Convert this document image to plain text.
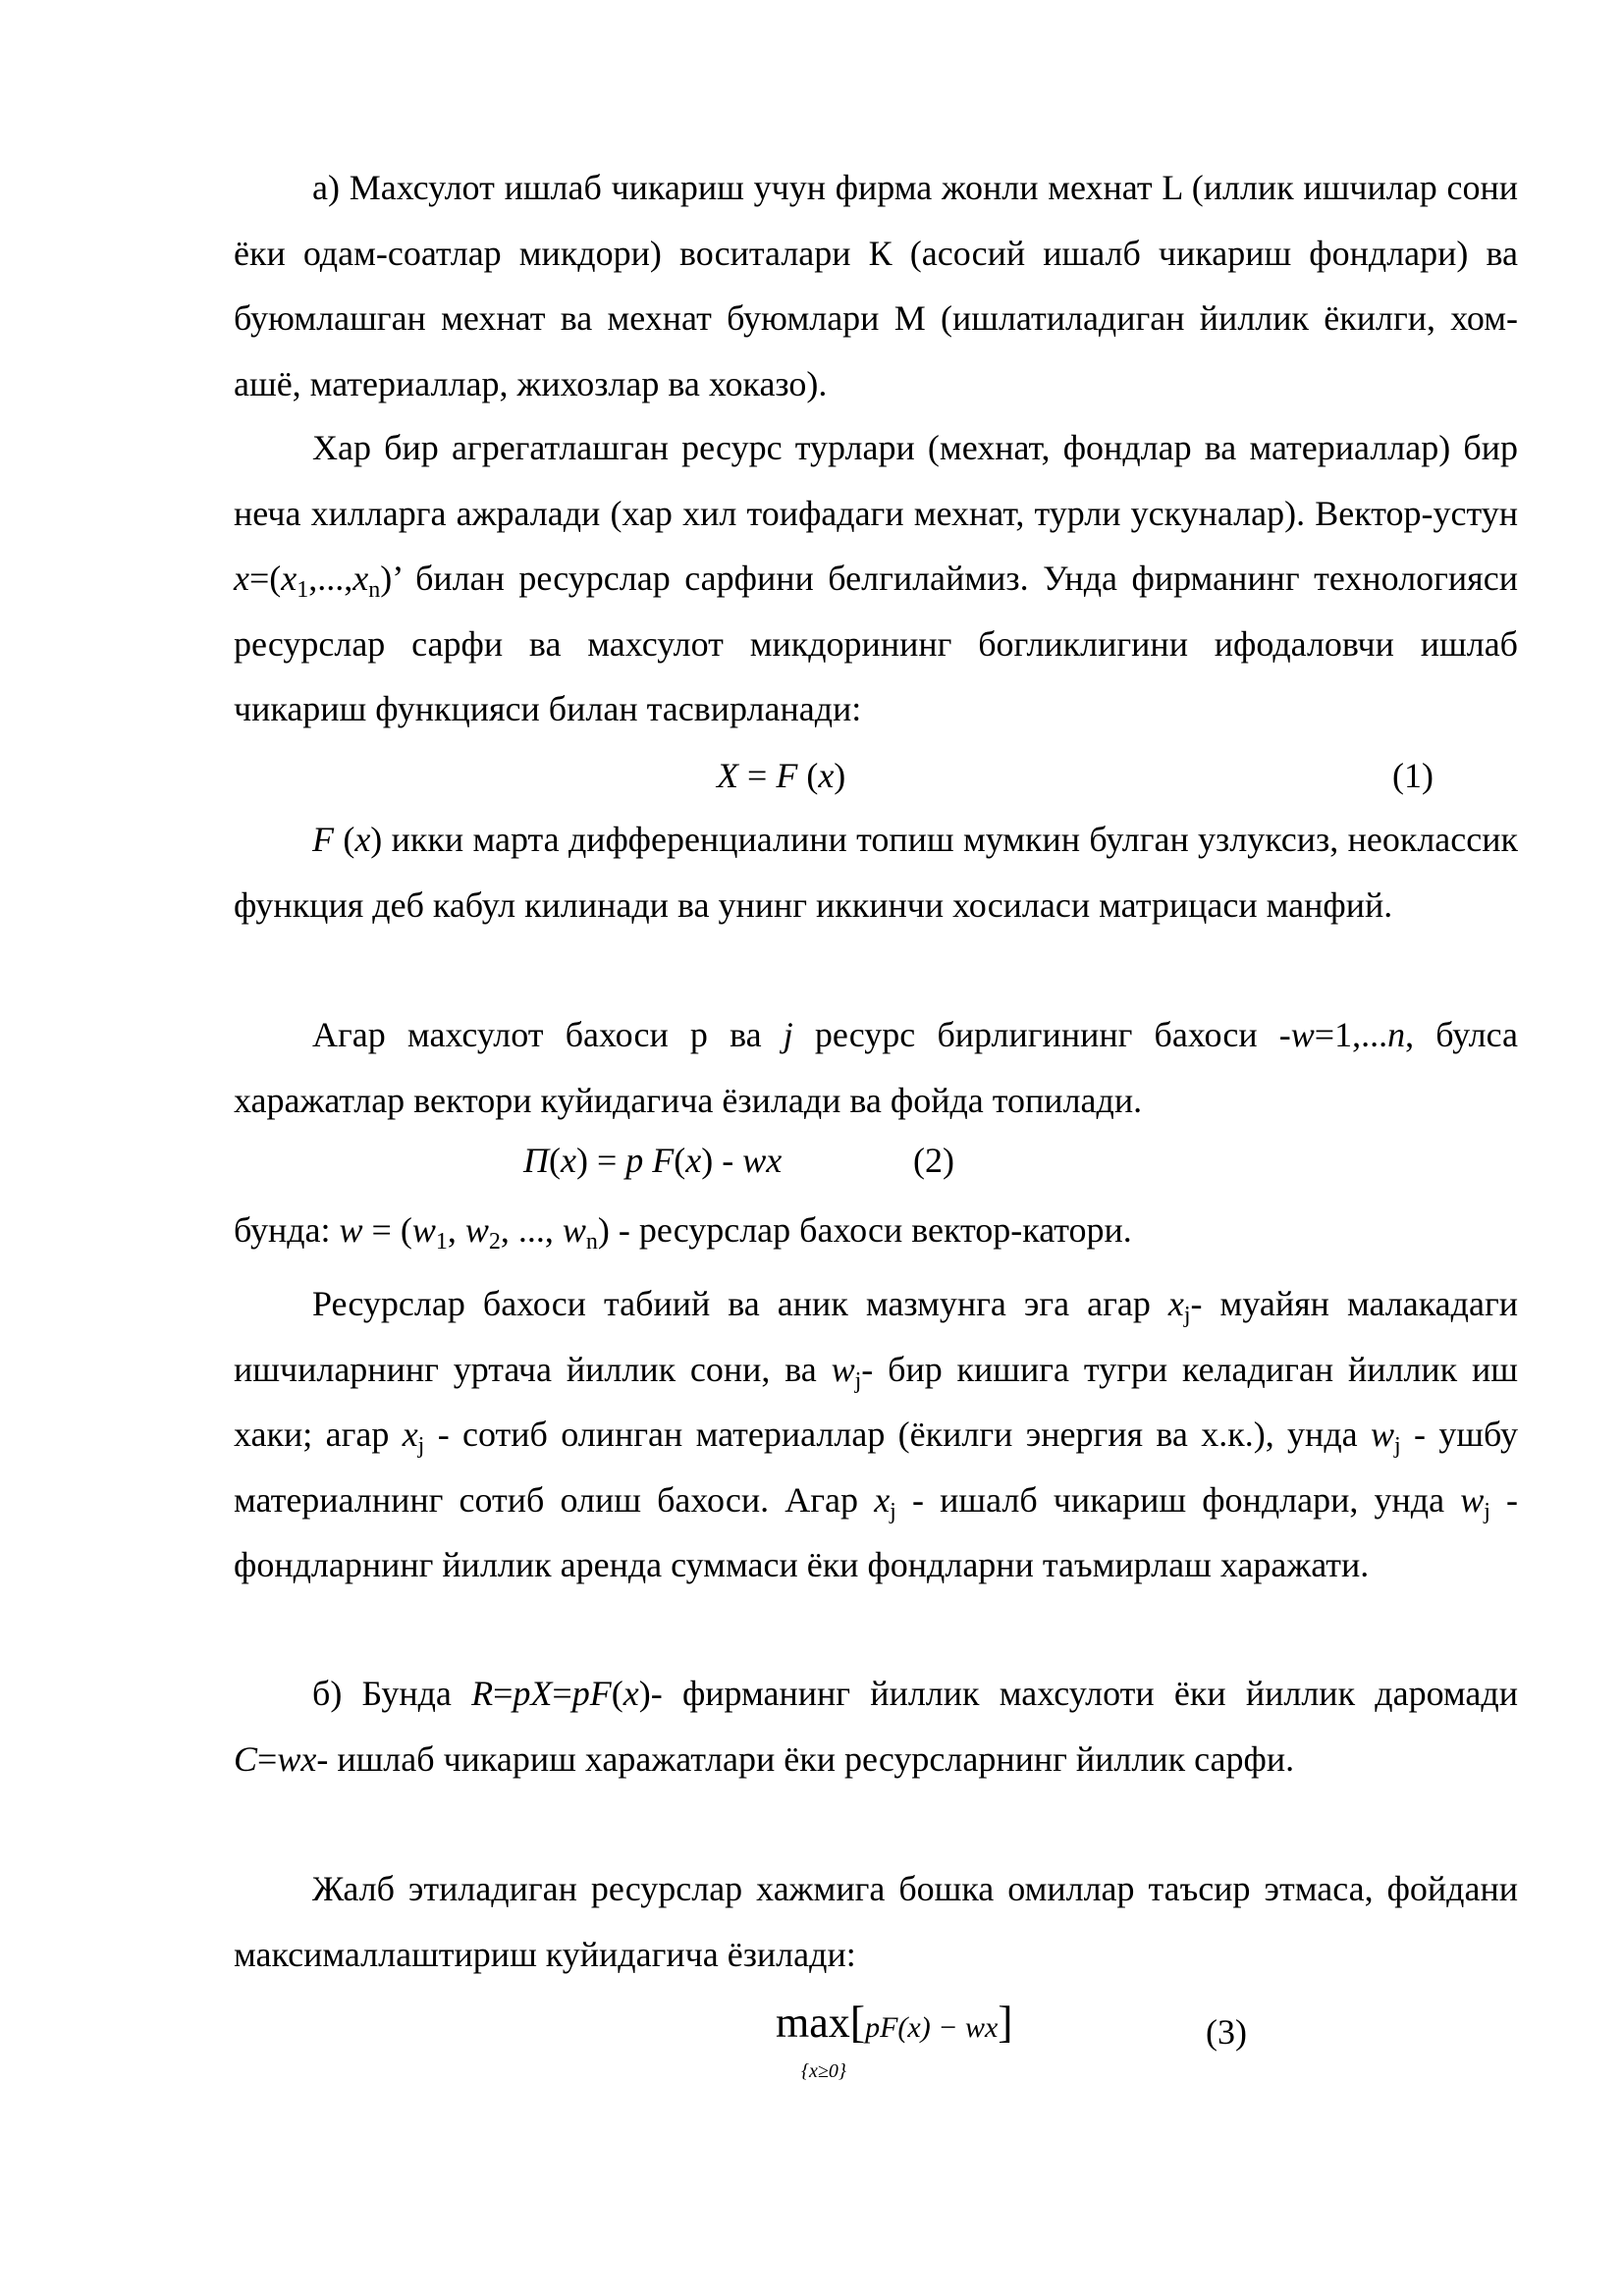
а) Махсулот ишлаб чикариш учун фирма жонли мехнат L (иллик ишчилар сони ёки одам-соатлар микдори) воситалари К (асосий ишалб чикариш фондлари) ва буюмлашган мехнат ва мехнат буюмлари М (ишлатиладиган йиллик ёкилги, хом-ашё, материаллар, жихозлар ва хоказо).

Хар бир агрегатлашган ресурс турлари (мехнат, фондлар ва материаллар) бир неча хилларга ажралади (хар хил тоифадаги мехнат, турли ускуналар). Вектор-устун $x=(x_1,...,x_n)$’ билан ресурслар сарфини белгилаймиз. Унда фирманинг технологияси ресурслар сарфи ва махсулот микдорининг богликлигини ифодаловчи ишлаб чикариш функцияси билан тасвирланади:

X = F (x)	(1)

F (x) икки марта дифференциалини топиш мумкин булган узлуксиз, неоклассик функция деб кабул килинади ва унинг иккинчи хосиласи матрицаси манфий.

Агар махсулот бахоси р ва j ресурс бирлигининг бахоси -w=1,...n, булса харажатлар вектори куйидагича ёзилади ва фойда топилади.

П(x) = p F(x) - wx	(2)

бунда: $w = (w_1$, $w_2$, ..., $w_n$) - ресурслар бахоси вектор-катори.

Ресурслар бахоси табиий ва аник мазмунга эга агар $x_j-$ муайян малакадаги ишчиларнинг уртача йиллик сони, ва $w_j-$ бир кишига тугри келадиган йиллик иш хаки; агар $x_j$ - сотиб олинган материаллар (ёкилги энергия ва х.к.), унда $w_j$ - ушбу материалнинг сотиб олиш бахоси. Агар $x_j$ - ишалб чикариш фондлари, унда $w_j$ - фондларнинг йиллик аренда суммаси ёки фондларни таъмирлаш харажати.

б) Бунда R=pX=pF(x)- фирманинг йиллик махсулоти ёки йиллик даромади C=wx- ишлаб чикариш харажатлари ёки ресурсларнинг йиллик сарфи.

Жалб этиладиган ресурслар хажмига бошка омиллар таъсир этмаса, фойдани максималлаштириш куйидагича ёзилади:

max
{x≥0}
[pF(x) − wx]	(3)
